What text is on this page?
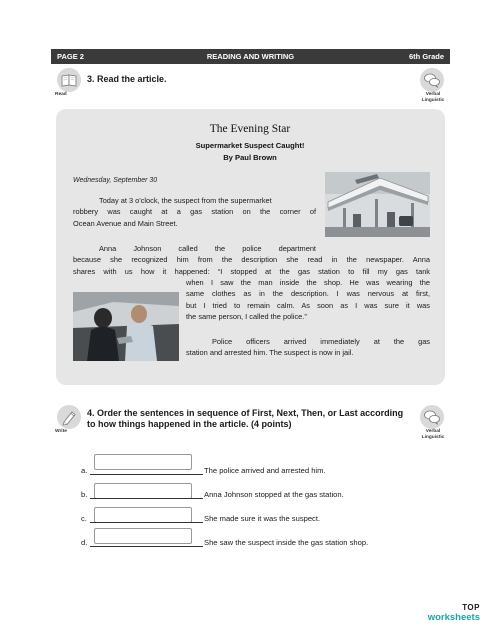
PAGE 2	READING AND WRITING	6th Grade
Read
3. Read the article.
Verbal
Linguistic
The Evening Star
Supermarket Suspect Caught!
By Paul Brown
Wednesday, September 30
Today at 3 o'clock, the suspect from the supermarket
robbery was caught at a gas station on the corner of
Ocean Avenue and Main Street.
Anna Johnson called the police department
because she recognized him from the description she read in the newspaper. Anna
shares with us how it happened: “I stopped at the gas station to fill my gas tank
when I saw the man inside the shop. He was wearing the
same clothes as in the description. I was nervous at first,
but I tried to remain calm. As soon as I was sure it was
the same person, I called the police.”
Police officers arrived immediately at the gas
station and arrested him. The suspect is now in jail.
Write
4. Order the sentences in sequence of First, Next, Then, or Last according
to how things happened in the article. (4 points)
Verbal
Linguistic
a.	The police arrived and arrested him.
b.	Anna Johnson stopped at the gas station.
c.	She made sure it was the suspect.
d.	She saw the suspect inside the gas station shop.
TOP
worksheets
